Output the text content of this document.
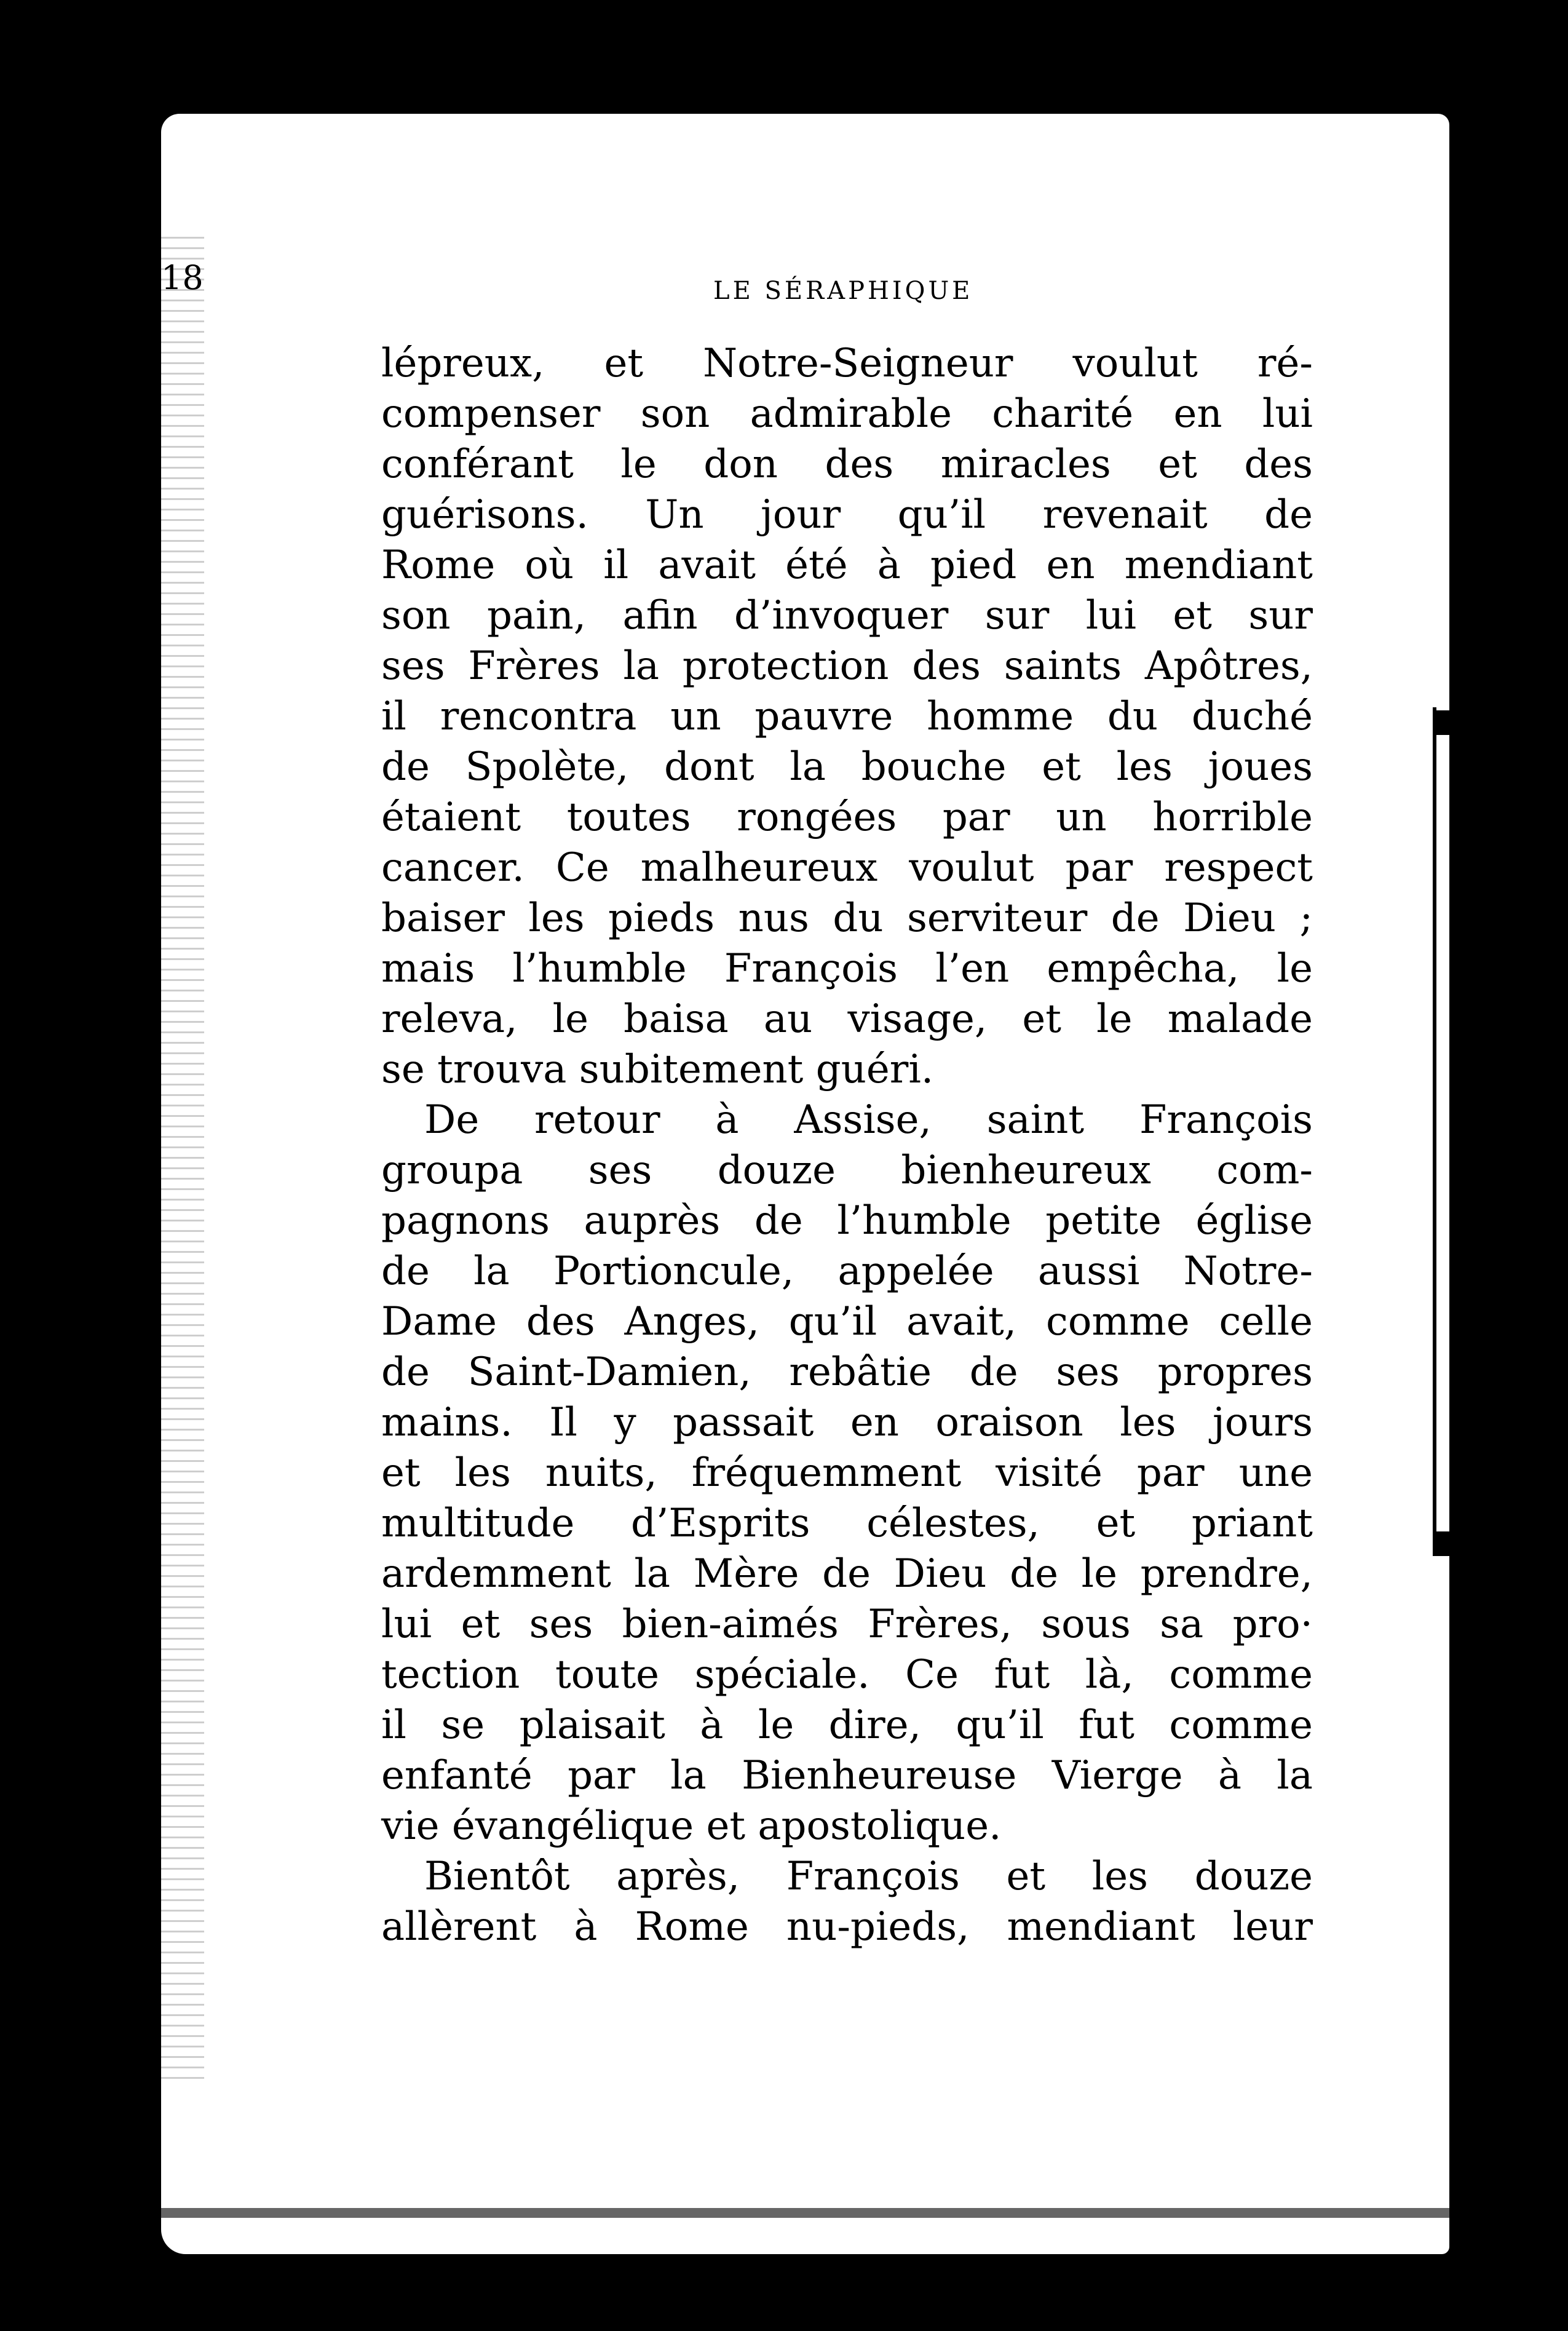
18	LE SÉRAPHIQUE
lépreux, et Notre-Seigneur voulut ré-
compenser son admirable charité en lui
conférant le don des miracles et des
guérisons. Un jour qu’il revenait de
Rome où il avait été à pied en mendiant
son pain, afin d’invoquer sur lui et sur
ses Frères la protection des saints Apôtres,
il rencontra un pauvre homme du duché
de Spolète, dont la bouche et les joues
étaient toutes rongées par un horrible
cancer. Ce malheureux voulut par respect
baiser les pieds nus du serviteur de Dieu ;
mais l’humble François l’en empêcha, le
releva, le baisa au visage, et le malade
se trouva subitement guéri.
De retour à Assise, saint François
groupa ses douze bienheureux com-
pagnons auprès de l’humble petite église
de la Portioncule, appelée aussi Notre-
Dame des Anges, qu’il avait, comme celle
de Saint-Damien, rebâtie de ses propres
mains. Il y passait en oraison les jours
et les nuits, fréquemment visité par une
multitude d’Esprits célestes, et priant
ardemment la Mère de Dieu de le prendre,
lui et ses bien-aimés Frères, sous sa pro·
tection toute spéciale. Ce fut là, comme
il se plaisait à le dire, qu’il fut comme
enfanté par la Bienheureuse Vierge à la
vie évangélique et apostolique.
Bientôt après, François et les douze
allèrent à Rome nu-pieds, mendiant leur
